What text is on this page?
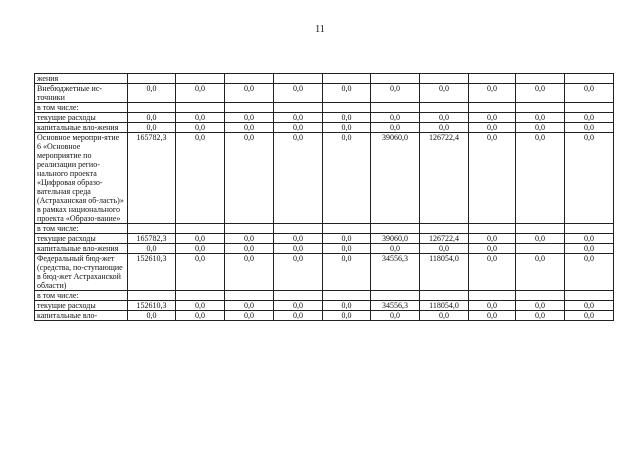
11
жения										
Внебюджетные ис-точники	0,0	0,0	0,0	0,0	0,0	0,0	0,0	0,0	0,0	0,0
в том числе:										
текущие расходы	0,0	0,0	0,0	0,0	0,0	0,0	0,0	0,0	0,0	0,0
капитальные вло-жения	0,0	0,0	0,0	0,0	0,0	0,0	0,0	0,0	0,0	0,0
Основное меропри-ятие 6 «Основное мероприятие по реализации регио-нального проекта «Цифровая образо-вательная среда (Астраханская об-ласть)» в рамках национального проекта «Образо-вание»	165782,3	0,0	0,0	0,0	0,0	39060,0	126722,4	0,0	0,0	0,0
в том числе:										
текущие расходы	165782,3	0,0	0,0	0,0	0,0	39060,0	126722,4	0,0	0,0	0,0
капитальные вло-жения	0,0	0,0	0,0	0,0	0,0	0,0	0,0	0,0		0,0
Федеральный бюд-жет (средства, по-ступающие в бюд-жет Астраханской области)	152610,3	0,0	0,0	0,0	0,0	34556,3	118054,0	0,0	0,0	0,0
в том числе:										
текущие расходы	152610,3	0,0	0,0	0,0	0,0	34556,3	118054,0	0,0	0,0	0,0
капитальные вло-	0,0	0,0	0,0	0,0	0,0	0,0	0,0	0,0	0,0	0,0
